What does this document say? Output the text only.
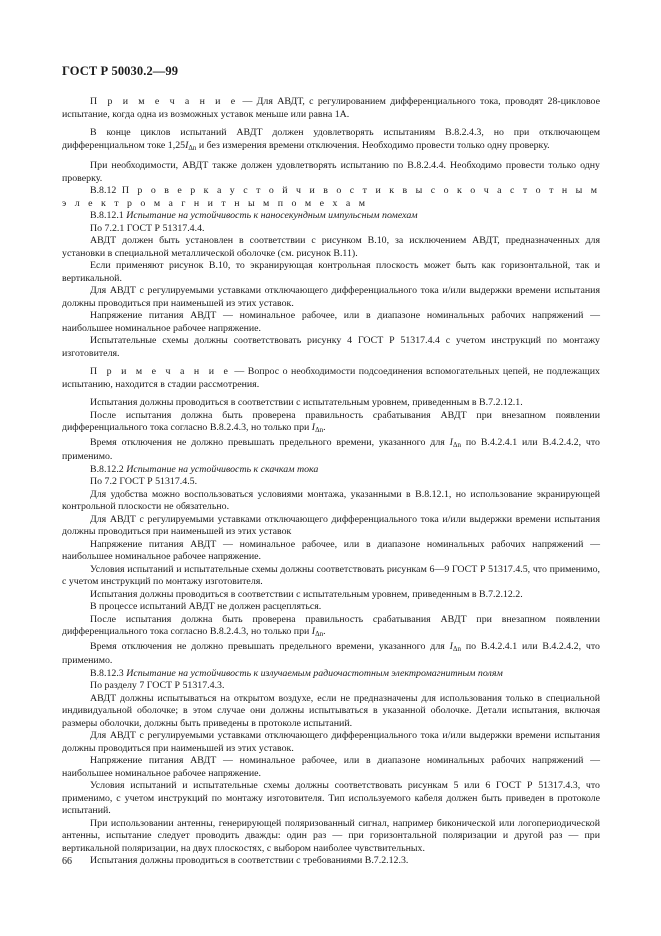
ГОСТ Р 50030.2—99

П р и м е ч а н и е — Для АВДТ, с регулированием дифференциального тока, проводят 28-цикловое испытание, когда одна из возможных уставок меньше или равна 1А.

В конце циклов испытаний АВДТ должен удовлетворять испытаниям В.8.2.4.3, но при отключающем дифференциальном токе $1,25I_{\Delta n}$ и без измерения времени отключения. Необходимо провести только одну проверку.

При необходимости, АВДТ также должен удовлетворять испытанию по В.8.2.4.4. Необходимо провести только одну проверку.

В.8.12 П р о в е р к а у с т о й ч и в о с т и к в ы с о к о ч а с т о т н ы м э л е к т р о м а г н и т н ы м п о м е х а м

В.8.12.1 Испытание на устойчивость к наносекундным импульсным помехам

По 7.2.1 ГОСТ Р 51317.4.4.

АВДТ должен быть установлен в соответствии с рисунком В.10, за исключением АВДТ, предназначенных для установки в специальной металлической оболочке (см. рисунок В.11).

Если применяют рисунок В.10, то экранирующая контрольная плоскость может быть как горизонтальной, так и вертикальной.

Для АВДТ с регулируемыми уставками отключающего дифференциального тока и/или выдержки времени испытания должны проводиться при наименьшей из этих уставок.

Напряжение питания АВДТ — номинальное рабочее, или в диапазоне номинальных рабочих напряжений — наибольшее номинальное рабочее напряжение.

Испытательные схемы должны соответствовать рисунку 4 ГОСТ Р 51317.4.4 с учетом инструкций по монтажу изготовителя.

П р и м е ч а н и е — Вопрос о необходимости подсоединения вспомогательных цепей, не подлежащих испытанию, находится в стадии рассмотрения.

Испытания должны проводиться в соответствии с испытательным уровнем, приведенным в В.7.2.12.1.

После испытания должна быть проверена правильность срабатывания АВДТ при внезапном появлении дифференциального тока согласно В.8.2.4.3, но только при $I_{\Delta n}$.

Время отключения не должно превышать предельного времени, указанного для $I_{\Delta n}$ по В.4.2.4.1 или В.4.2.4.2, что применимо.

В.8.12.2 Испытание на устойчивость к скачкам тока

По 7.2 ГОСТ Р 51317.4.5.

Для удобства можно воспользоваться условиями монтажа, указанными в В.8.12.1, но использование экранирующей контрольной плоскости не обязательно.

Для АВДТ с регулируемыми уставками отключающего дифференциального тока и/или выдержки времени испытания должны проводиться при наименьшей из этих уставок

Напряжение питания АВДТ — номинальное рабочее, или в диапазоне номинальных рабочих напряжений — наибольшее номинальное рабочее напряжение.

Условия испытаний и испытательные схемы должны соответствовать рисункам 6—9 ГОСТ Р 51317.4.5, что применимо, с учетом инструкций по монтажу изготовителя.

Испытания должны проводиться в соответствии с испытательным уровнем, приведенным в В.7.2.12.2.

В процессе испытаний АВДТ не должен расцепляться.

После испытания должна быть проверена правильность срабатывания АВДТ при внезапном появлении дифференциального тока согласно В.8.2.4.3, но только при $I_{\Delta n}$.

Время отключения не должно превышать предельного времени, указанного для $I_{\Delta n}$ по В.4.2.4.1 или В.4.2.4.2, что применимо.

В.8.12.3 Испытание на устойчивость к излучаемым радиочастотным электромагнитным полям

По разделу 7 ГОСТ Р 51317.4.3.

АВДТ должны испытываться на открытом воздухе, если не предназначены для использования только в специальной индивидуальной оболочке; в этом случае они должны испытываться в указанной оболочке. Детали испытания, включая размеры оболочки, должны быть приведены в протоколе испытаний.

Для АВДТ с регулируемыми уставками отключающего дифференциального тока и/или выдержки времени испытания должны проводиться при наименьшей из этих уставок.

Напряжение питания АВДТ — номинальное рабочее, или в диапазоне номинальных рабочих напряжений — наибольшее номинальное рабочее напряжение.

Условия испытаний и испытательные схемы должны соответствовать рисункам 5 или 6 ГОСТ Р 51317.4.3, что применимо, с учетом инструкций по монтажу изготовителя. Тип используемого кабеля должен быть приведен в протоколе испытаний.

При использовании антенны, генерирующей поляризованный сигнал, например биконической или логопериодической антенны, испытание следует проводить дважды: один раз — при горизонтальной поляризации и другой раз — при вертикальной поляризации, на двух плоскостях, с выбором наиболее чувствительных.

Испытания должны проводиться в соответствии с требованиями В.7.2.12.3.

66
